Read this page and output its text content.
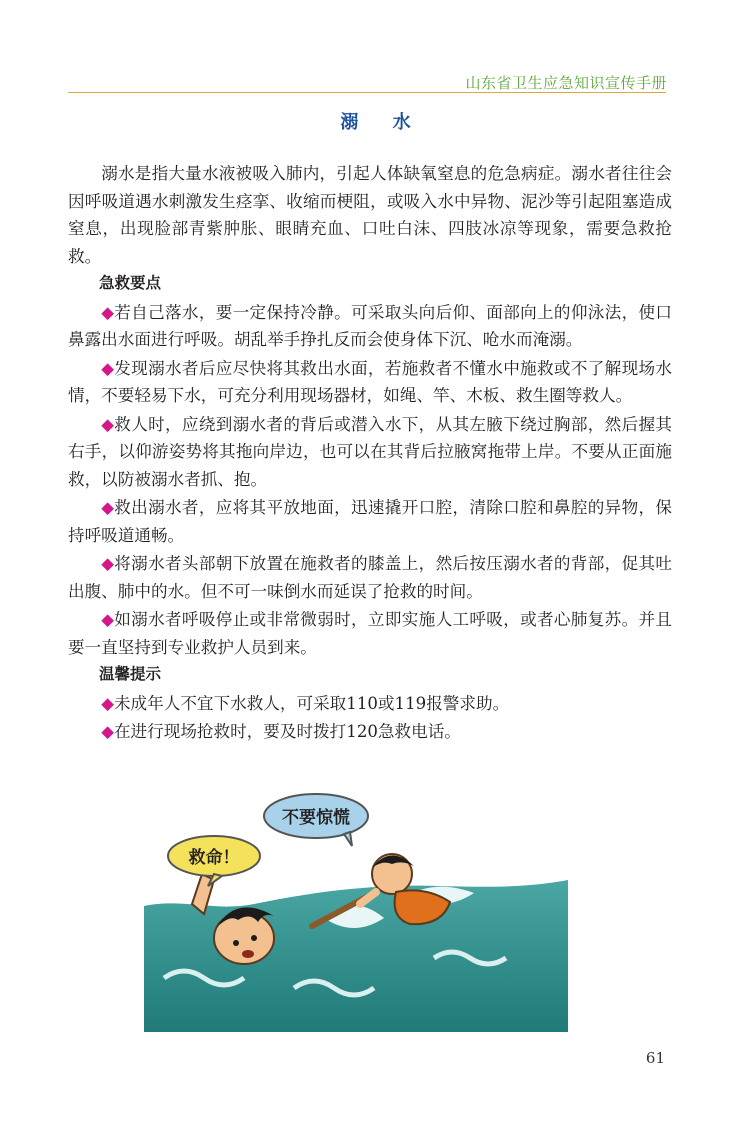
山东省卫生应急知识宣传手册
溺 水

溺水是指大量水液被吸入肺内，引起人体缺氧窒息的危急病症。溺水者往往会因呼吸道遇水刺激发生痉挛、收缩而梗阻，或吸入水中异物、泥沙等引起阻塞造成窒息，出现脸部青紫肿胀、眼睛充血、口吐白沫、四肢冰凉等现象，需要急救抢救。

急救要点

◆若自己落水，要一定保持冷静。可采取头向后仰、面部向上的仰泳法，使口鼻露出水面进行呼吸。胡乱举手挣扎反而会使身体下沉、呛水而淹溺。

◆发现溺水者后应尽快将其救出水面，若施救者不懂水中施救或不了解现场水情，不要轻易下水，可充分利用现场器材，如绳、竿、木板、救生圈等救人。

◆救人时，应绕到溺水者的背后或潜入水下，从其左腋下绕过胸部，然后握其右手，以仰游姿势将其拖向岸边，也可以在其背后拉腋窝拖带上岸。不要从正面施救，以防被溺水者抓、抱。

◆救出溺水者，应将其平放地面，迅速撬开口腔，清除口腔和鼻腔的异物，保持呼吸道通畅。

◆将溺水者头部朝下放置在施救者的膝盖上，然后按压溺水者的背部，促其吐出腹、肺中的水。但不可一味倒水而延误了抢救的时间。

◆如溺水者呼吸停止或非常微弱时，立即实施人工呼吸，或者心肺复苏。并且要一直坚持到专业救护人员到来。

温馨提示

◆未成年人不宜下水救人，可采取110或119报警求助。

◆在进行现场抢救时，要及时拨打120急救电话。

救命！
不要惊慌
61
